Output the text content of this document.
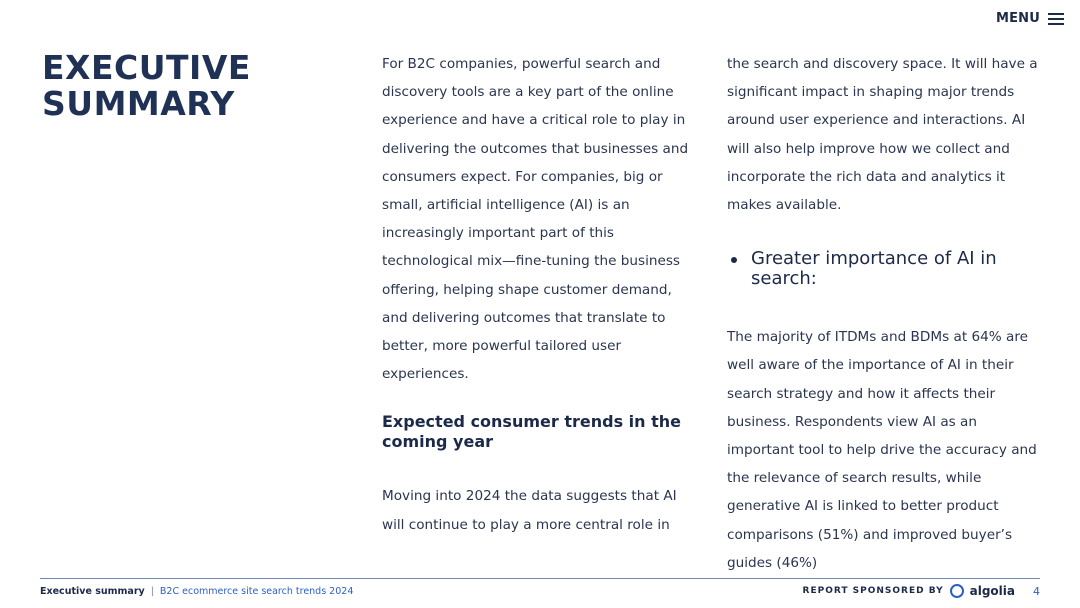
MENU
EXECUTIVE
SUMMARY

For B2C companies, powerful search and discovery tools are a key part of the online experience and have a critical role to play in delivering the outcomes that businesses and consumers expect. For companies, big or small, artificial intelligence (AI) is an increasingly important part of this technological mix—fine-tuning the business offering, helping shape customer demand, and delivering outcomes that translate to better, more powerful tailored user experiences.

Expected consumer trends in the coming year

Moving into 2024 the data suggests that AI will continue to play a more central role in

the search and discovery space. It will have a significant impact in shaping major trends around user experience and interactions. AI will also help improve how we collect and incorporate the rich data and analytics it makes available.

Greater importance of AI in search:

The majority of ITDMs and BDMs at 64% are well aware of the importance of AI in their search strategy and how it affects their business. Respondents view AI as an important tool to help drive the accuracy and the relevance of search results, while generative AI is linked to better product comparisons (51%) and improved buyer’s guides (46%)

Executive summary | B2C ecommerce site search trends 2024	REPORT SPONSORED BY algolia 4
